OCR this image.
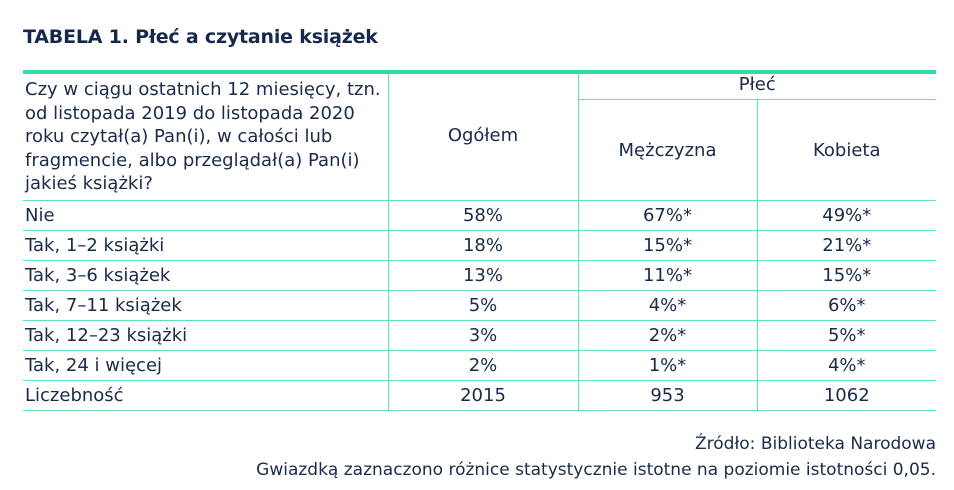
TABELA 1. Płeć a czytanie książek
Czy w ciągu ostatnich 12 miesięcy, tzn. od listopada 2019 do listopada 2020 roku czytał(a) Pan(i), w całości lub fragmencie, albo przeglądał(a) Pan(i) jakieś książki?	Ogółem	Płeć	
		Mężczyzna	Kobieta
Nie	58%	67%*	49%*
Tak, 1–2 książki	18%	15%*	21%*
Tak, 3–6 książek	13%	11%*	15%*
Tak, 7–11 książek	5%	4%*	6%*
Tak, 12–23 książki	3%	2%*	5%*
Tak, 24 i więcej	2%	1%*	4%*
Liczebność	2015	953	1062
Źródło: Biblioteka Narodowa
Gwiazdką zaznaczono różnice statystycznie istotne na poziomie istotności 0,05.
